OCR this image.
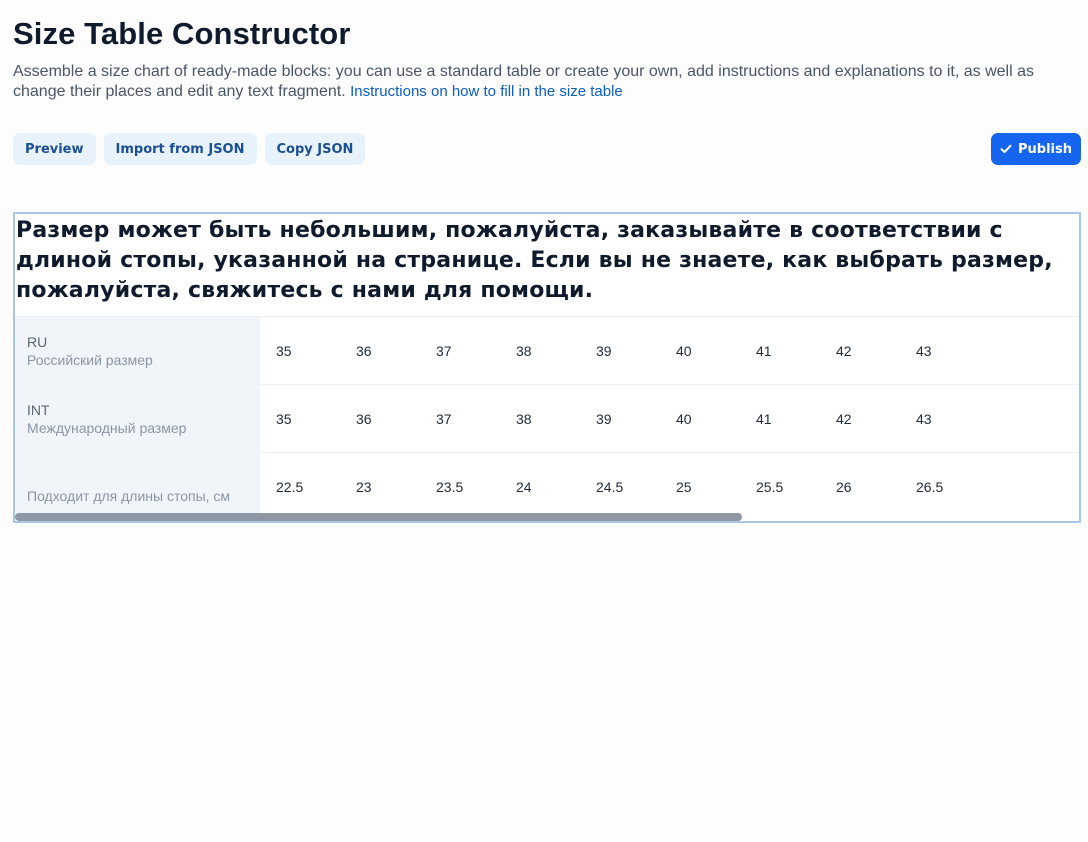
Size Table Constructor

Assemble a size chart of ready-made blocks: you can use a standard table or create your own, add instructions and explanations to it, as well as change their places and edit any text fragment. Instructions on how to fill in the size table

Preview	Import from JSON	Copy JSON	Publish
Размер может быть небольшим, пожалуйста, заказывайте в соответствии с длиной стопы, указанной на странице. Если вы не знаете, как выбрать размер, пожалуйста, свяжитесь с нами для помощи.
RU
Российский размер
35	36	37	38	39	40	41	42	43
INT
Международный размер
35	36	37	38	39	40	41	42	43
Подходит для длины стопы, см
22.5	23	23.5	24	24.5	25	25.5	26	26.5
